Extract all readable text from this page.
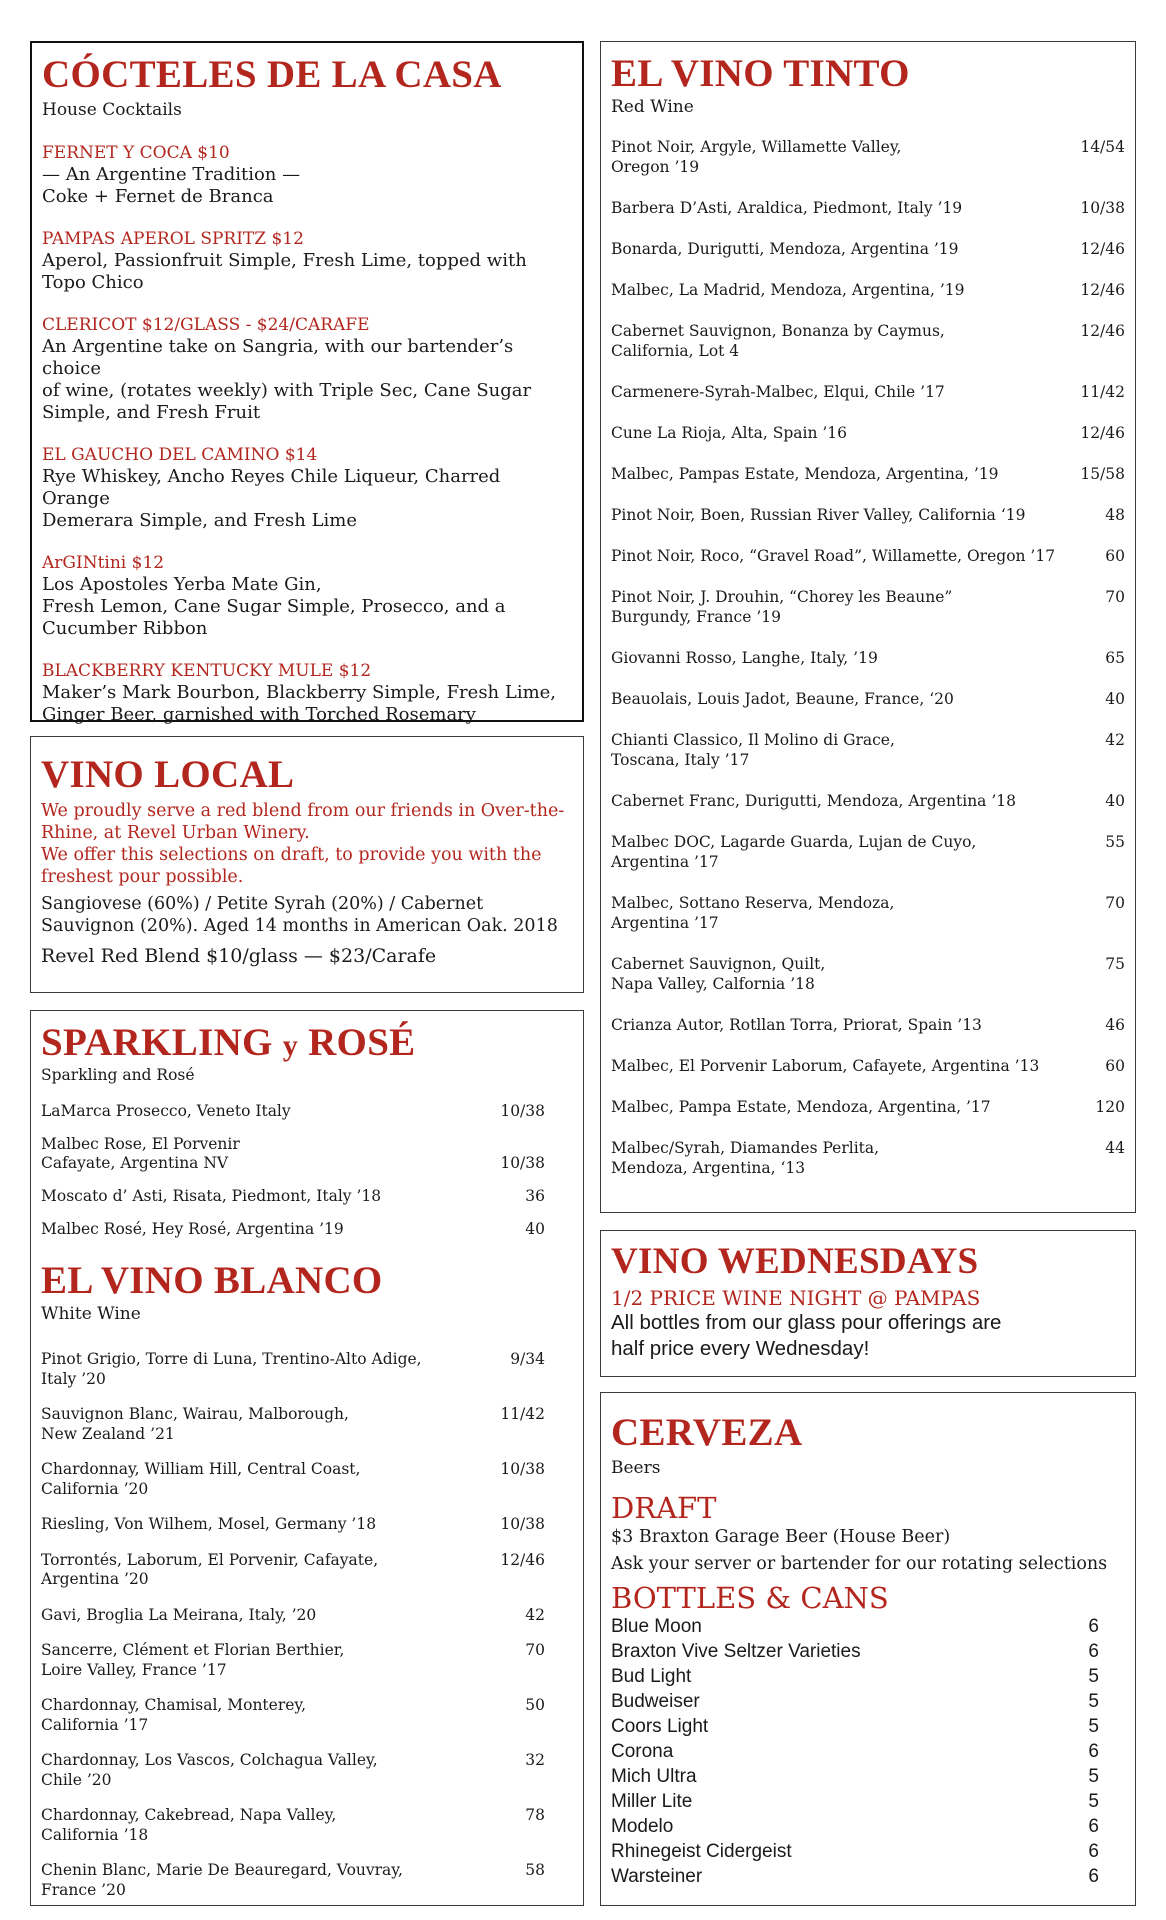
CÓCTELES DE LA CASA
House Cocktails
FERNET Y COCA $10
— An Argentine Tradition —
Coke + Fernet de Branca
PAMPAS APEROL SPRITZ $12
Aperol, Passionfruit Simple, Fresh Lime, topped with
Topo Chico
CLERICOT $12/GLASS - $24/CARAFE
An Argentine take on Sangria, with our bartender’s choice
of wine, (rotates weekly) with Triple Sec, Cane Sugar
Simple, and Fresh Fruit
EL GAUCHO DEL CAMINO $14
Rye Whiskey, Ancho Reyes Chile Liqueur, Charred Orange
Demerara Simple, and Fresh Lime
ArGINtini $12
Los Apostoles Yerba Mate Gin,
Fresh Lemon, Cane Sugar Simple, Prosecco, and a
Cucumber Ribbon
BLACKBERRY KENTUCKY MULE $12
Maker’s Mark Bourbon, Blackberry Simple, Fresh Lime,
Ginger Beer, garnished with Torched Rosemary
VINO LOCAL
We proudly serve a red blend from our friends in Over-the-
Rhine, at Revel Urban Winery.
We offer this selections on draft, to provide you with the
freshest pour possible.
Sangiovese (60%) / Petite Syrah (20%) / Cabernet
Sauvignon (20%). Aged 14 months in American Oak. 2018
Revel Red Blend $10/glass — $23/Carafe
SPARKLING y ROSÉ
Sparkling and Rosé
LaMarca Prosecco, Veneto Italy	10/38
Malbec Rose, El Porvenir
Cafayate, Argentina NV	10/38
Moscato d’ Asti, Risata, Piedmont, Italy ’18	36
Malbec Rosé, Hey Rosé, Argentina ’19	40
EL VINO BLANCO
White Wine
Pinot Grigio, Torre di Luna, Trentino-Alto Adige,
Italy ’20
9/34
Sauvignon Blanc, Wairau, Malborough,
New Zealand ’21
11/42
Chardonnay, William Hill, Central Coast,
California ’20
10/38
Riesling, Von Wilhem, Mosel, Germany ’18	10/38
Torrontés, Laborum, El Porvenir, Cafayate,
Argentina ’20
12/46
Gavi, Broglia La Meirana, Italy, ’20	42
Sancerre, Clément et Florian Berthier,
Loire Valley, France ’17
70
Chardonnay, Chamisal, Monterey,
California ’17
50
Chardonnay, Los Vascos, Colchagua Valley,
Chile ’20
32
Chardonnay, Cakebread, Napa Valley,
California ’18
78
Chenin Blanc, Marie De Beauregard, Vouvray,
France ’20
58
EL VINO TINTO
Red Wine
Pinot Noir, Argyle, Willamette Valley,
Oregon ’19
14/54
Barbera D’Asti, Araldica, Piedmont, Italy ’19	10/38
Bonarda, Durigutti, Mendoza, Argentina ’19	12/46
Malbec, La Madrid, Mendoza, Argentina, ’19	12/46
Cabernet Sauvignon, Bonanza by Caymus,
California, Lot 4
12/46
Carmenere-Syrah-Malbec, Elqui, Chile ’17	11/42
Cune La Rioja, Alta, Spain ’16	12/46
Malbec, Pampas Estate, Mendoza, Argentina, ’19	15/58
Pinot Noir, Boen, Russian River Valley, California ‘19	48
Pinot Noir, Roco, “Gravel Road”, Willamette, Oregon ’17	60
Pinot Noir, J. Drouhin, “Chorey les Beaune”
Burgundy, France ’19
70
Giovanni Rosso, Langhe, Italy, ’19	65
Beauolais, Louis Jadot, Beaune, France, ‘20	40
Chianti Classico, Il Molino di Grace,
Toscana, Italy ’17
42
Cabernet Franc, Durigutti, Mendoza, Argentina ’18	40
Malbec DOC, Lagarde Guarda, Lujan de Cuyo,
Argentina ’17
55
Malbec, Sottano Reserva, Mendoza,
Argentina ’17
70
Cabernet Sauvignon, Quilt,
Napa Valley, Calfornia ’18
75
Crianza Autor, Rotllan Torra, Priorat, Spain ’13	46
Malbec, El Porvenir Laborum, Cafayete, Argentina ’13	60
Malbec, Pampa Estate, Mendoza, Argentina, ’17	120
Malbec/Syrah, Diamandes Perlita,
Mendoza, Argentina, ‘13
44
VINO WEDNESDAYS
1/2 PRICE WINE NIGHT @ PAMPAS
All bottles from our glass pour offerings are
half price every Wednesday!
CERVEZA
Beers
DRAFT
$3 Braxton Garage Beer (House Beer)
Ask your server or bartender for our rotating selections
BOTTLES & CANS
Blue Moon	6
Braxton Vive Seltzer Varieties	6
Bud Light	5
Budweiser	5
Coors Light	5
Corona	6
Mich Ultra	5
Miller Lite	5
Modelo	6
Rhinegeist Cidergeist	6
Warsteiner	6
